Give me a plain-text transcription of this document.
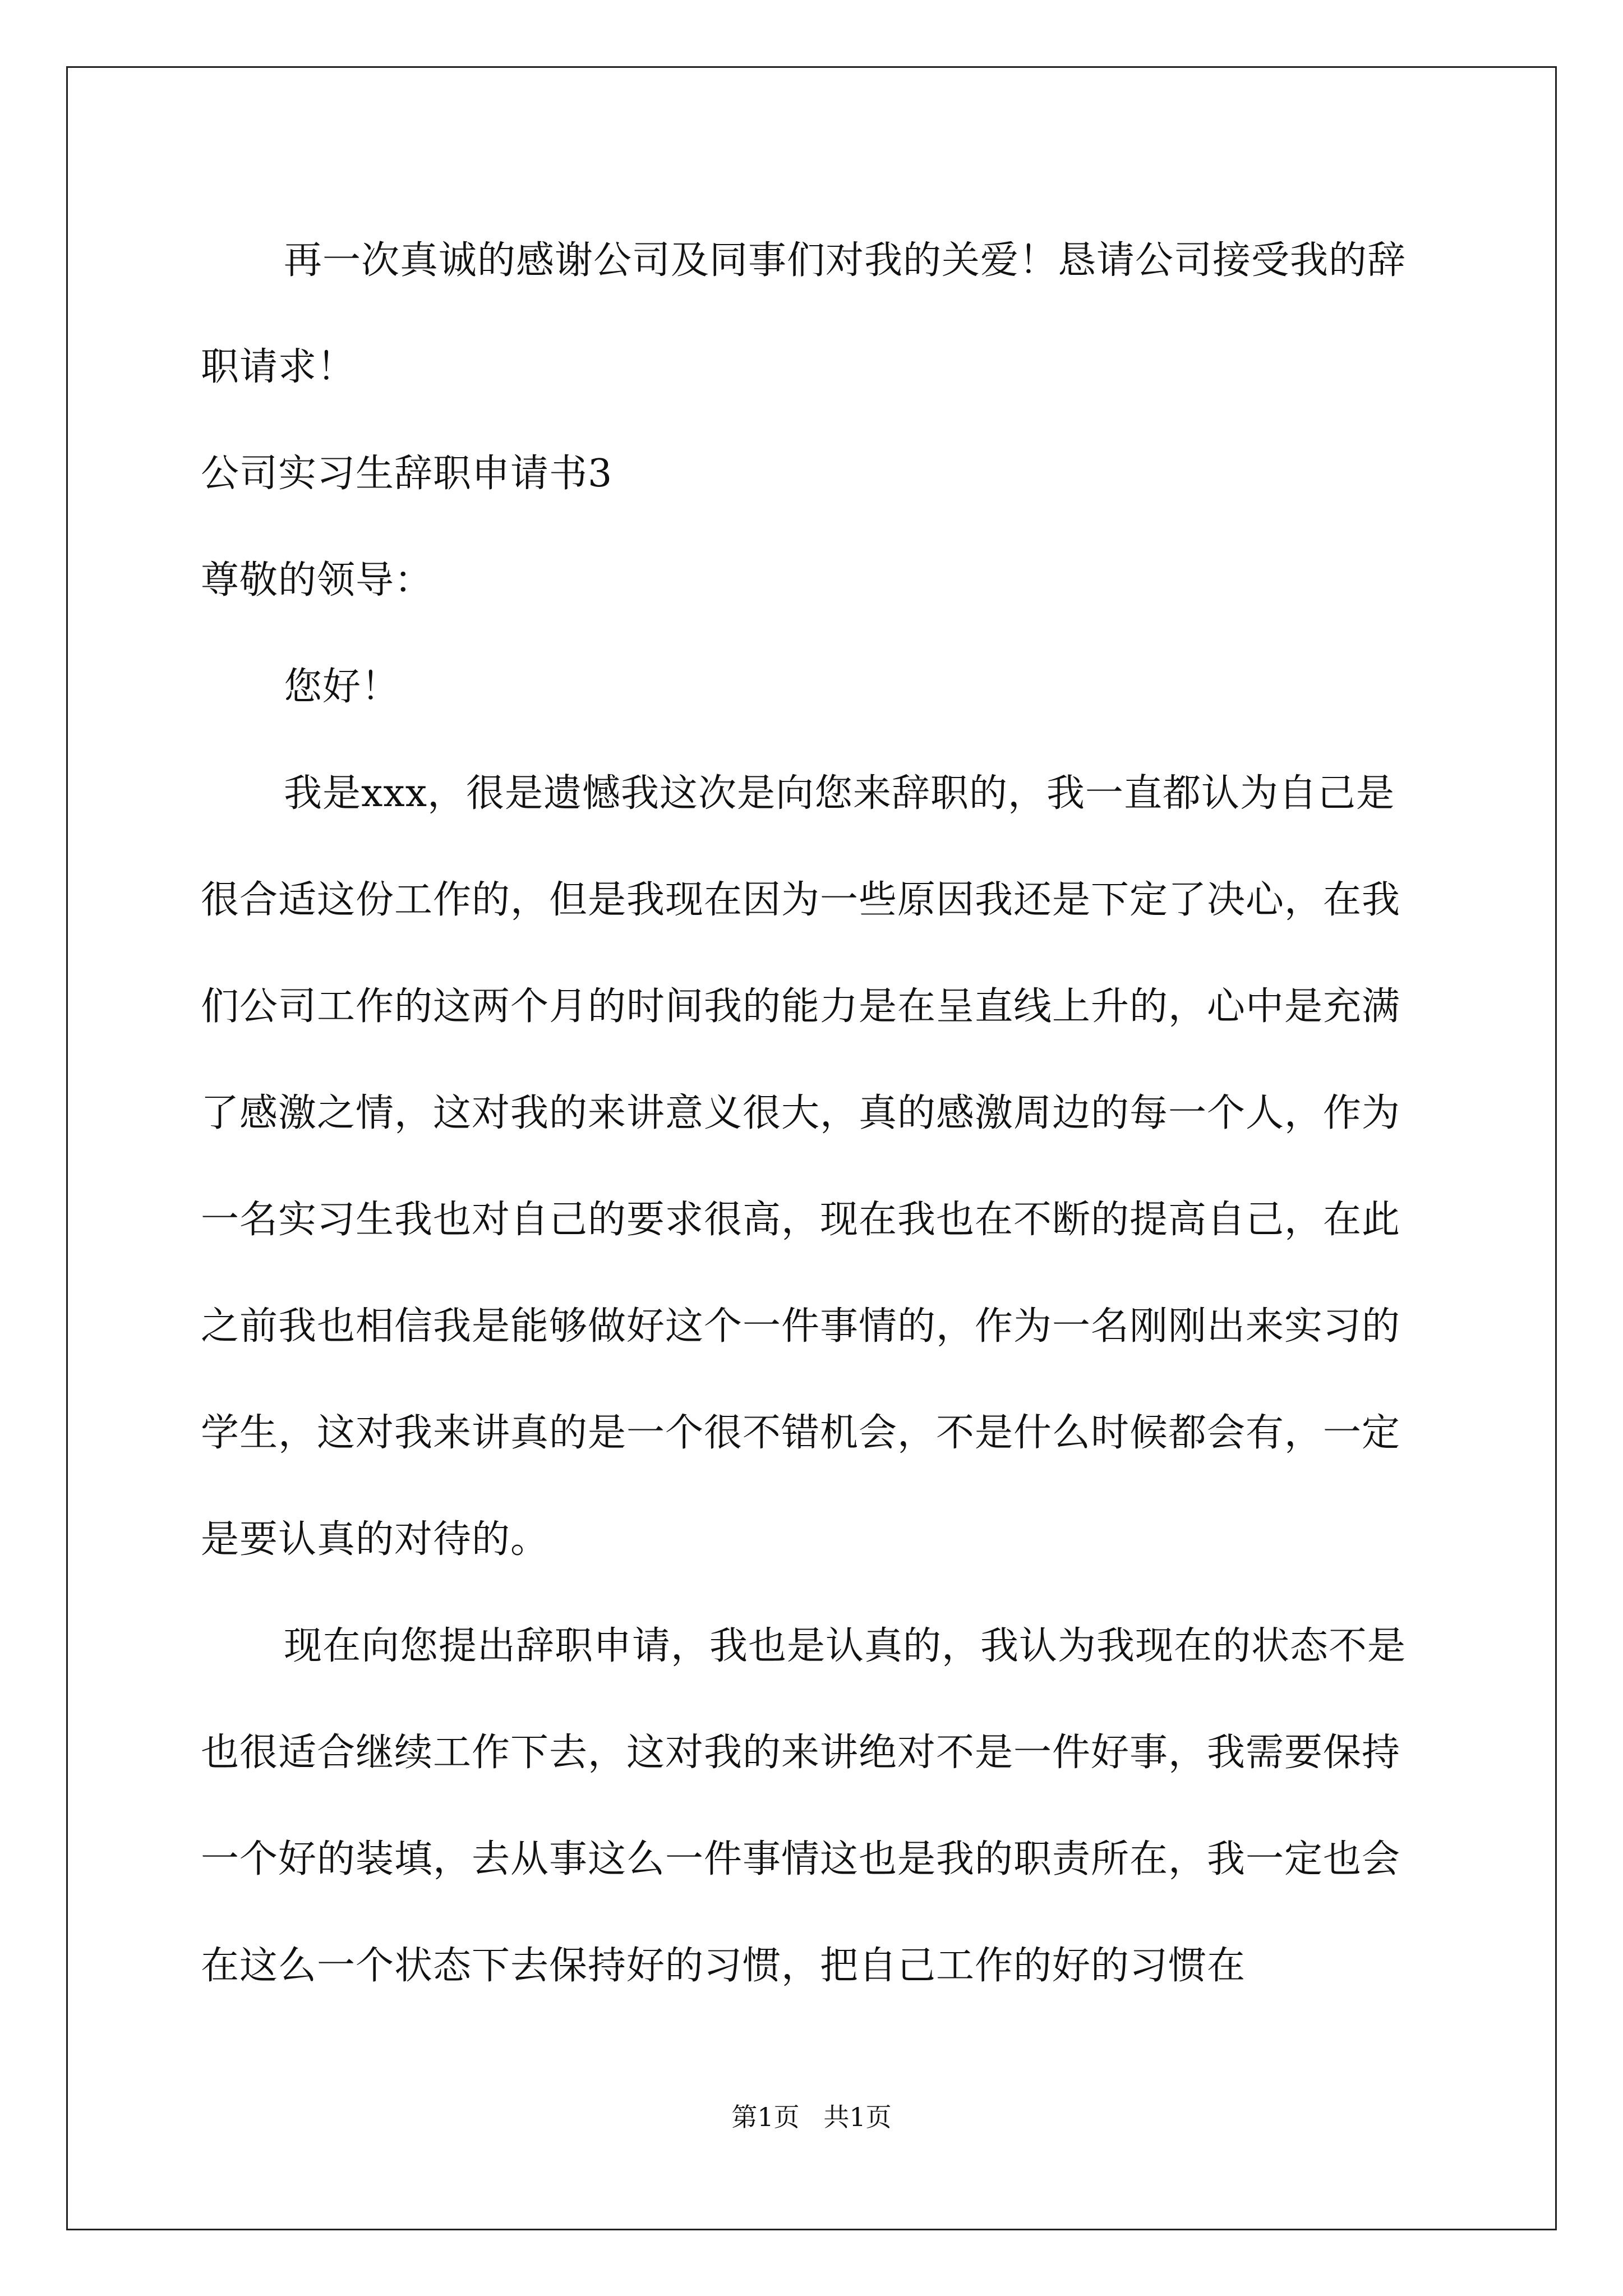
再一次真诚的感谢公司及同事们对我的关爱！恳请公司接受我的辞职请求！

公司实习生辞职申请书3

尊敬的领导：

您好！

我是xxx，很是遗憾我这次是向您来辞职的，我一直都认为自己是很合适这份工作的，但是我现在因为一些原因我还是下定了决心，在我们公司工作的这两个月的时间我的能力是在呈直线上升的，心中是充满了感激之情，这对我的来讲意义很大，真的感激周边的每一个人，作为一名实习生我也对自己的要求很高，现在我也在不断的提高自己，在此之前我也相信我是能够做好这个一件事情的，作为一名刚刚出来实习的学生，这对我来讲真的是一个很不错机会，不是什么时候都会有，一定是要认真的对待的。

现在向您提出辞职申请，我也是认真的，我认为我现在的状态不是也很适合继续工作下去，这对我的来讲绝对不是一件好事，我需要保持一个好的装填，去从事这么一件事情这也是我的职责所在，我一定也会在这么一个状态下去保持好的习惯，把自己工作的好的习惯在

第1页 共1页
